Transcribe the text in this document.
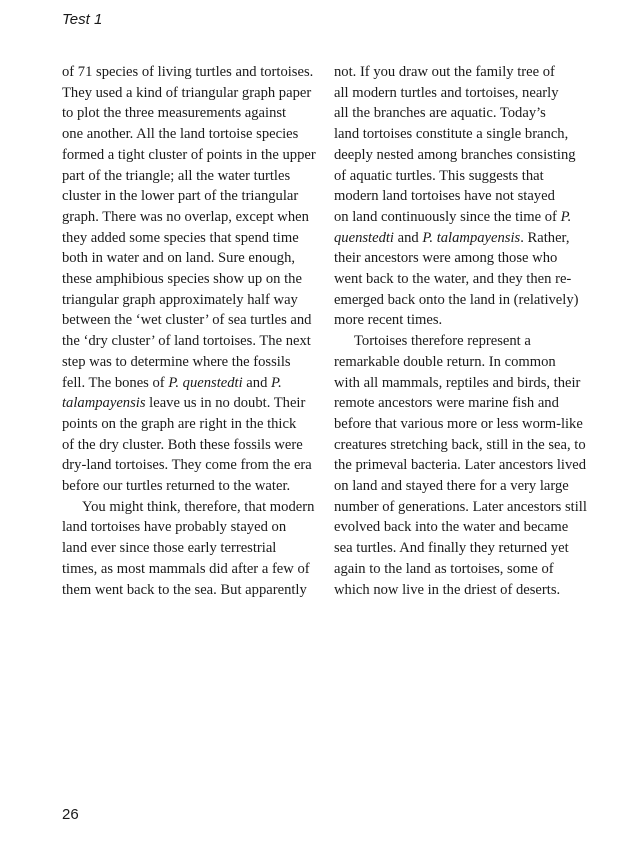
Test 1
of 71 species of living turtles and tortoises.
They used a kind of triangular graph paper
to plot the three measurements against
one another. All the land tortoise species
formed a tight cluster of points in the upper
part of the triangle; all the water turtles
cluster in the lower part of the triangular
graph. There was no overlap, except when
they added some species that spend time
both in water and on land. Sure enough,
these amphibious species show up on the
triangular graph approximately half way
between the ‘wet cluster’ of sea turtles and
the ‘dry cluster’ of land tortoises. The next
step was to determine where the fossils
fell. The bones of P. quenstedti and P.
talampayensis leave us in no doubt. Their
points on the graph are right in the thick
of the dry cluster. Both these fossils were
dry-land tortoises. They come from the era
before our turtles returned to the water.
You might think, therefore, that modern
land tortoises have probably stayed on
land ever since those early terrestrial
times, as most mammals did after a few of
them went back to the sea. But apparently
not. If you draw out the family tree of
all modern turtles and tortoises, nearly
all the branches are aquatic. Today’s
land tortoises constitute a single branch,
deeply nested among branches consisting
of aquatic turtles. This suggests that
modern land tortoises have not stayed
on land continuously since the time of P.
quenstedti and P. talampayensis. Rather,
their ancestors were among those who
went back to the water, and they then re-
emerged back onto the land in (relatively)
more recent times.
Tortoises therefore represent a
remarkable double return. In common
with all mammals, reptiles and birds, their
remote ancestors were marine fish and
before that various more or less worm-like
creatures stretching back, still in the sea, to
the primeval bacteria. Later ancestors lived
on land and stayed there for a very large
number of generations. Later ancestors still
evolved back into the water and became
sea turtles. And finally they returned yet
again to the land as tortoises, some of
which now live in the driest of deserts.
26
